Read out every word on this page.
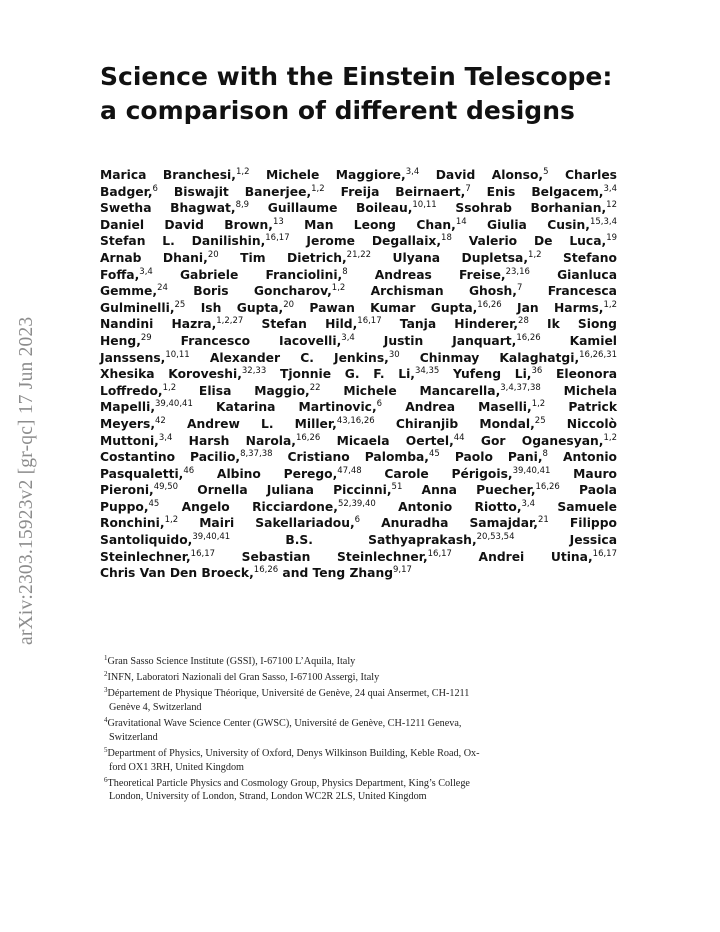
arXiv:2303.15923v2 [gr-qc] 17 Jun 2023
Science with the Einstein Telescope:
a comparison of different designs
Marica Branchesi,$^{1,2}$ Michele Maggiore,$^{3,4}$ David Alonso,$^5$ Charles
Badger,$^6$ Biswajit Banerjee,$^{1,2}$ Freija Beirnaert,$^7$ Enis Belgacem,$^{3,4}$
Swetha Bhagwat,$^{8,9}$ Guillaume Boileau,$^{10,11}$ Ssohrab Borhanian,$^{12}$
Daniel David Brown,$^{13}$ Man Leong Chan,$^{14}$ Giulia Cusin,$^{15,3,4}$
Stefan L. Danilishin,$^{16,17}$ Jerome Degallaix,$^{18}$ Valerio De Luca,$^{19}$
Arnab Dhani,$^{20}$ Tim Dietrich,$^{21,22}$ Ulyana Dupletsa,$^{1,2}$ Stefano
Foffa,$^{3,4}$ Gabriele Franciolini,$^8$ Andreas Freise,$^{23,16}$ Gianluca
Gemme,$^{24}$ Boris Goncharov,$^{1,2}$ Archisman Ghosh,$^7$ Francesca
Gulminelli,$^{25}$ Ish Gupta,$^{20}$ Pawan Kumar Gupta,$^{16,26}$ Jan Harms,$^{1,2}$
Nandini Hazra,$^{1,2,27}$ Stefan Hild,$^{16,17}$ Tanja Hinderer,$^{28}$ Ik Siong
Heng,$^{29}$ Francesco Iacovelli,$^{3,4}$ Justin Janquart,$^{16,26}$ Kamiel
Janssens,$^{10,11}$ Alexander C. Jenkins,$^{30}$ Chinmay Kalaghatgi,$^{16,26,31}$
Xhesika Koroveshi,$^{32,33}$ Tjonnie G. F. Li,$^{34,35}$ Yufeng Li,$^{36}$ Eleonora
Loffredo,$^{1,2}$ Elisa Maggio,$^{22}$ Michele Mancarella,$^{3,4,37,38}$ Michela
Mapelli,$^{39,40,41}$ Katarina Martinovic,$^6$ Andrea Maselli,$^{1,2}$ Patrick
Meyers,$^{42}$ Andrew L. Miller,$^{43,16,26}$ Chiranjib Mondal,$^{25}$ Niccolò
Muttoni,$^{3,4}$ Harsh Narola,$^{16,26}$ Micaela Oertel,$^{44}$ Gor Oganesyan,$^{1,2}$
Costantino Pacilio,$^{8,37,38}$ Cristiano Palomba,$^{45}$ Paolo Pani,$^8$ Antonio
Pasqualetti,$^{46}$ Albino Perego,$^{47,48}$ Carole Périgois,$^{39,40,41}$ Mauro
Pieroni,$^{49,50}$ Ornella Juliana Piccinni,$^{51}$ Anna Puecher,$^{16,26}$ Paola
Puppo,$^{45}$ Angelo Ricciardone,$^{52,39,40}$ Antonio Riotto,$^{3,4}$ Samuele
Ronchini,$^{1,2}$ Mairi Sakellariadou,$^6$ Anuradha Samajdar,$^{21}$ Filippo
Santoliquido,$^{39,40,41}$ B.S. Sathyaprakash,$^{20,53,54}$ Jessica
Steinlechner,$^{16,17}$ Sebastian Steinlechner,$^{16,17}$ Andrei Utina,$^{16,17}$
Chris Van Den Broeck,$^{16,26}$ and Teng Zhang$^{9,17}$
$^1$Gran Sasso Science Institute (GSSI), I-67100 L’Aquila, Italy
$^2$INFN, Laboratori Nazionali del Gran Sasso, I-67100 Assergi, Italy
$^3$Département de Physique Théorique, Université de Genève, 24 quai Ansermet, CH-1211
Genève 4, Switzerland
$^4$Gravitational Wave Science Center (GWSC), Université de Genève, CH-1211 Geneva,
Switzerland
$^5$Department of Physics, University of Oxford, Denys Wilkinson Building, Keble Road, Ox-
ford OX1 3RH, United Kingdom
$^6$Theoretical Particle Physics and Cosmology Group, Physics Department, King’s College
London, University of London, Strand, London WC2R 2LS, United Kingdom
